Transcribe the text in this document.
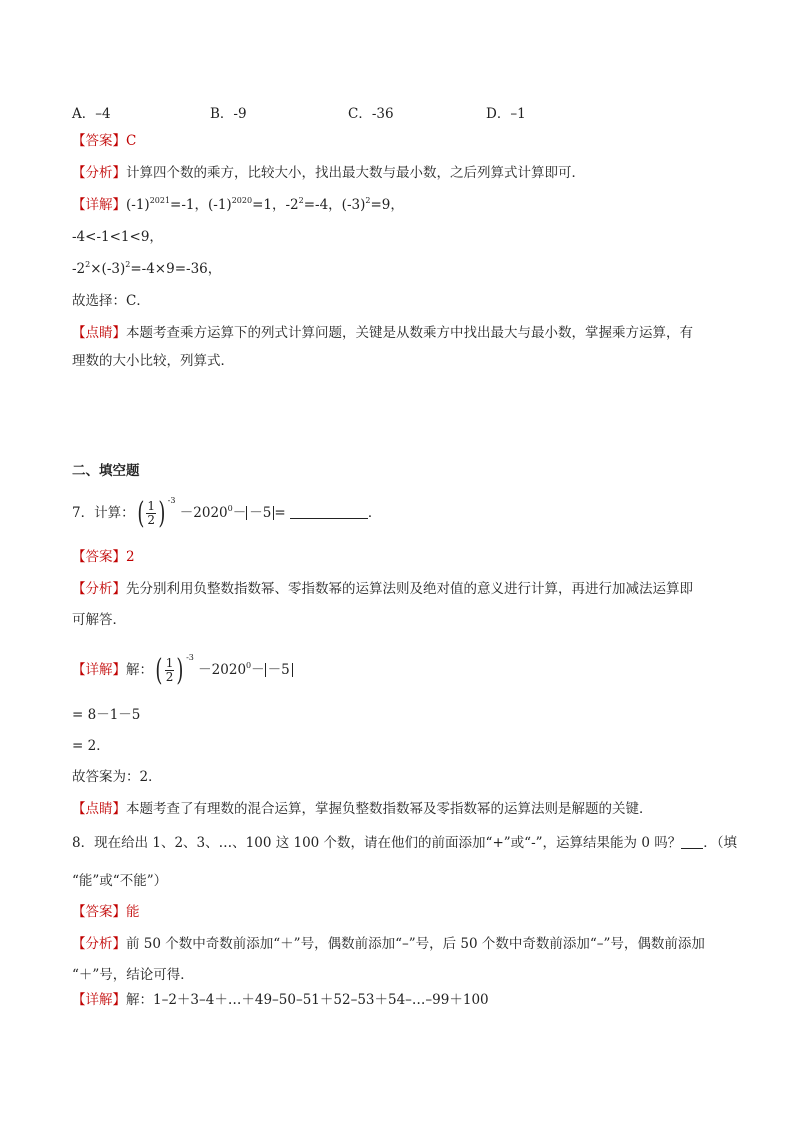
A．–4	B．-9	C．-36	D．–1
【答案】C
【分析】计算四个数的乘方，比较大小，找出最大数与最小数，之后列算式计算即可．
【详解】$(-1)^{2021}=-1$，$(-1)^{2020}=1$，$-2^2=-4$，$(-3)^2=9$，
-4<-1<1<9，
$-2^2\times(-3)^2=-4\times 9=-36$，
故选择：C．
【点睛】本题考查乘方运算下的列式计算问题，关键是从数乘方中找出最大与最小数，掌握乘方运算，有
理数的大小比较，列算式．
二、填空题
7．计算：( $\frac{1}{2}$ ) $^{-3} -2020^0- -5$ =	．
【答案】2
【分析】先分别利用负整数指数幂、零指数幂的运算法则及绝对值的意义进行计算，再进行加减法运算即
可解答．
【详解】解：( $\frac{1}{2}$ ) $^{-3} -2020^0- -5$
= 8－1－5
= 2．
故答案为：2．
【点睛】本题考查了有理数的混合运算，掌握负整数指数幂及零指数幂的运算法则是解题的关键．
8．现在给出 1、2、3、…、100 这 100 个数，请在他们的前面添加“+”或“-”，运算结果能为 0 吗？ ．（填
“能”或“不能”）
【答案】能
【分析】前 50 个数中奇数前添加“＋”号，偶数前添加“–”号，后 50 个数中奇数前添加“–”号，偶数前添加
“＋”号，结论可得．
【详解】解：1–2＋3–4＋…＋49–50–51＋52–53＋54–…–99＋100
